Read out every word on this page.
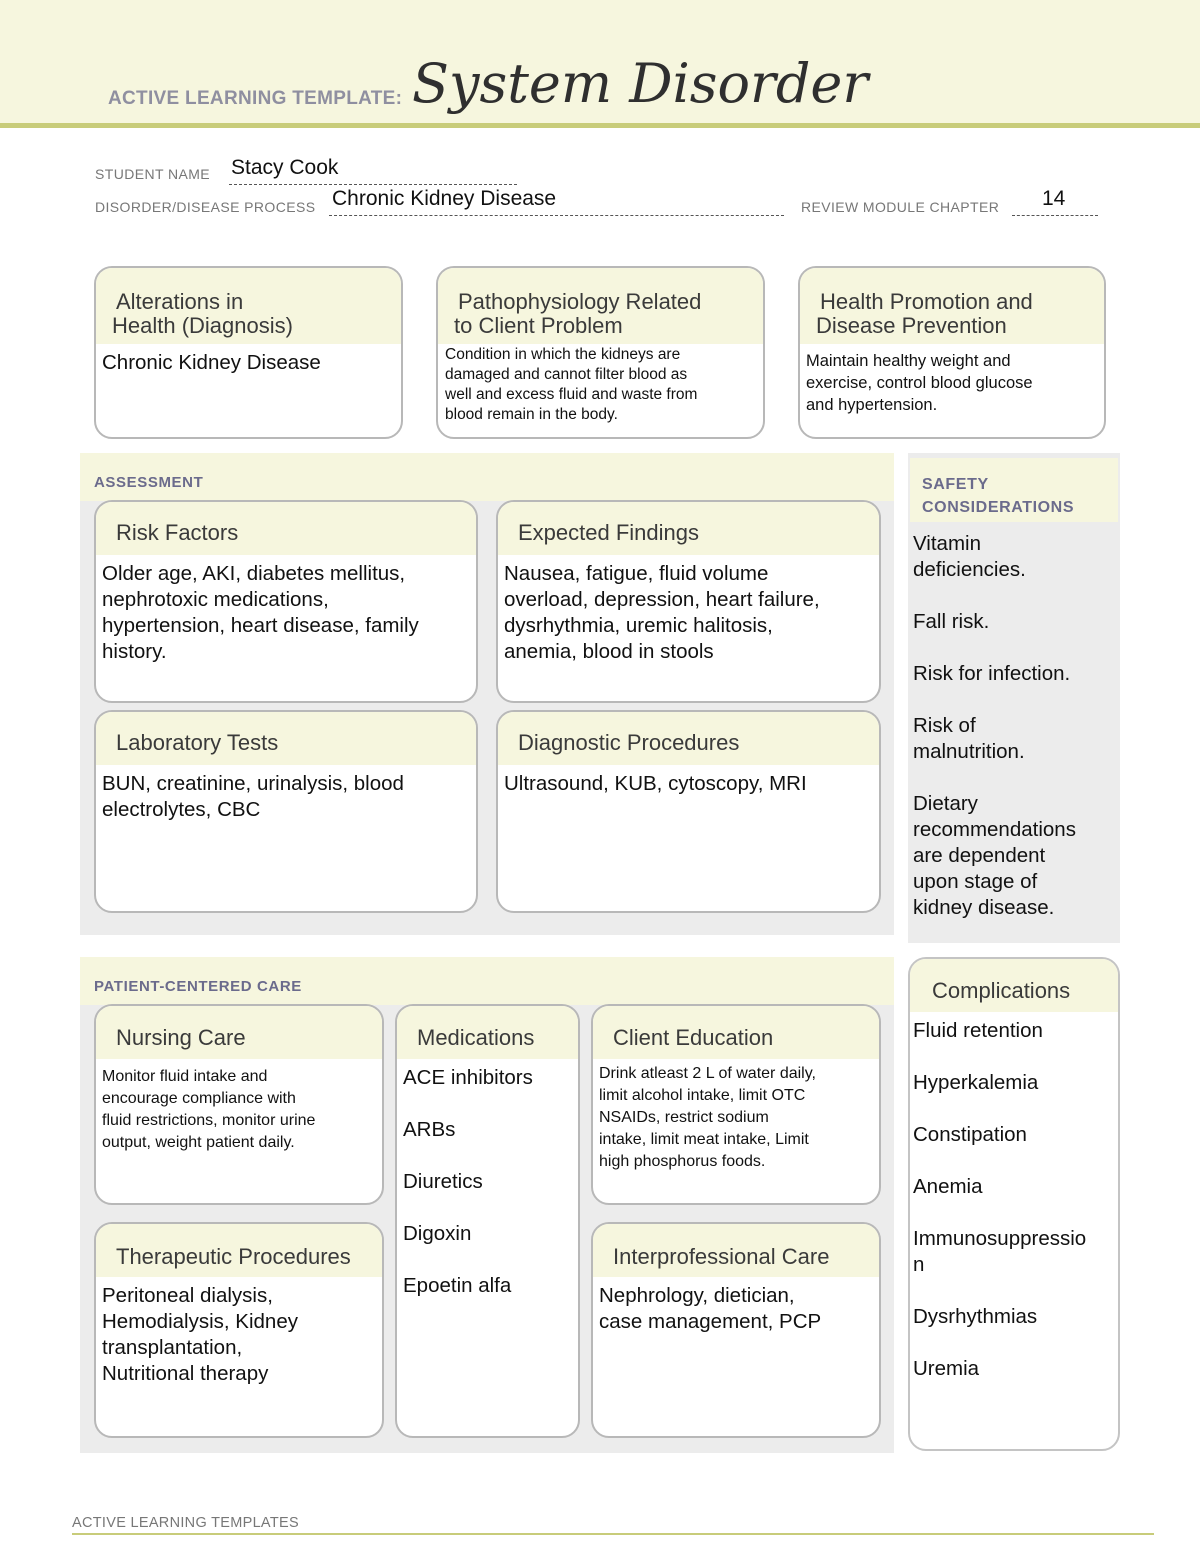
ACTIVE LEARNING TEMPLATE: System Disorder
STUDENT NAME Stacy Cook
DISORDER/DISEASE PROCESS Chronic Kidney Disease	REVIEW MODULE CHAPTER 14
Alterations in
Health (Diagnosis)
Chronic Kidney Disease
Pathophysiology Related
to Client Problem
Condition in which the kidneys are
damaged and cannot filter blood as
well and excess fluid and waste from
blood remain in the body.
Health Promotion and
Disease Prevention
Maintain healthy weight and
exercise, control blood glucose
and hypertension.
ASSESSMENT
Risk Factors
Older age, AKI, diabetes mellitus,
nephrotoxic medications,
hypertension, heart disease, family
history.
Expected Findings
Nausea, fatigue, fluid volume
overload, depression, heart failure,
dysrhythmia, uremic halitosis,
anemia, blood in stools
Laboratory Tests
BUN, creatinine, urinalysis, blood
electrolytes, CBC
Diagnostic Procedures
Ultrasound, KUB, cytoscopy, MRI
SAFETY
CONSIDERATIONS
Vitamin
deficiencies.
Fall risk.
Risk for infection.
Risk of
malnutrition.
Dietary
recommendations
are dependent
upon stage of
kidney disease.
PATIENT-CENTERED CARE
Nursing Care
Monitor fluid intake and
encourage compliance with
fluid restrictions, monitor urine
output, weight patient daily.
Medications
ACE inhibitors
ARBs
Diuretics
Digoxin
Epoetin alfa
Client Education
Drink atleast 2 L of water daily,
limit alcohol intake, limit OTC
NSAIDs, restrict sodium
intake, limit meat intake, Limit
high phosphorus foods.
Therapeutic Procedures
Peritoneal dialysis,
Hemodialysis, Kidney
transplantation,
Nutritional therapy
Interprofessional Care
Nephrology, dietician,
case management, PCP
Complications
Fluid retention
Hyperkalemia
Constipation
Anemia
Immunosuppressio
n
Dysrhythmias
Uremia
ACTIVE LEARNING TEMPLATES
